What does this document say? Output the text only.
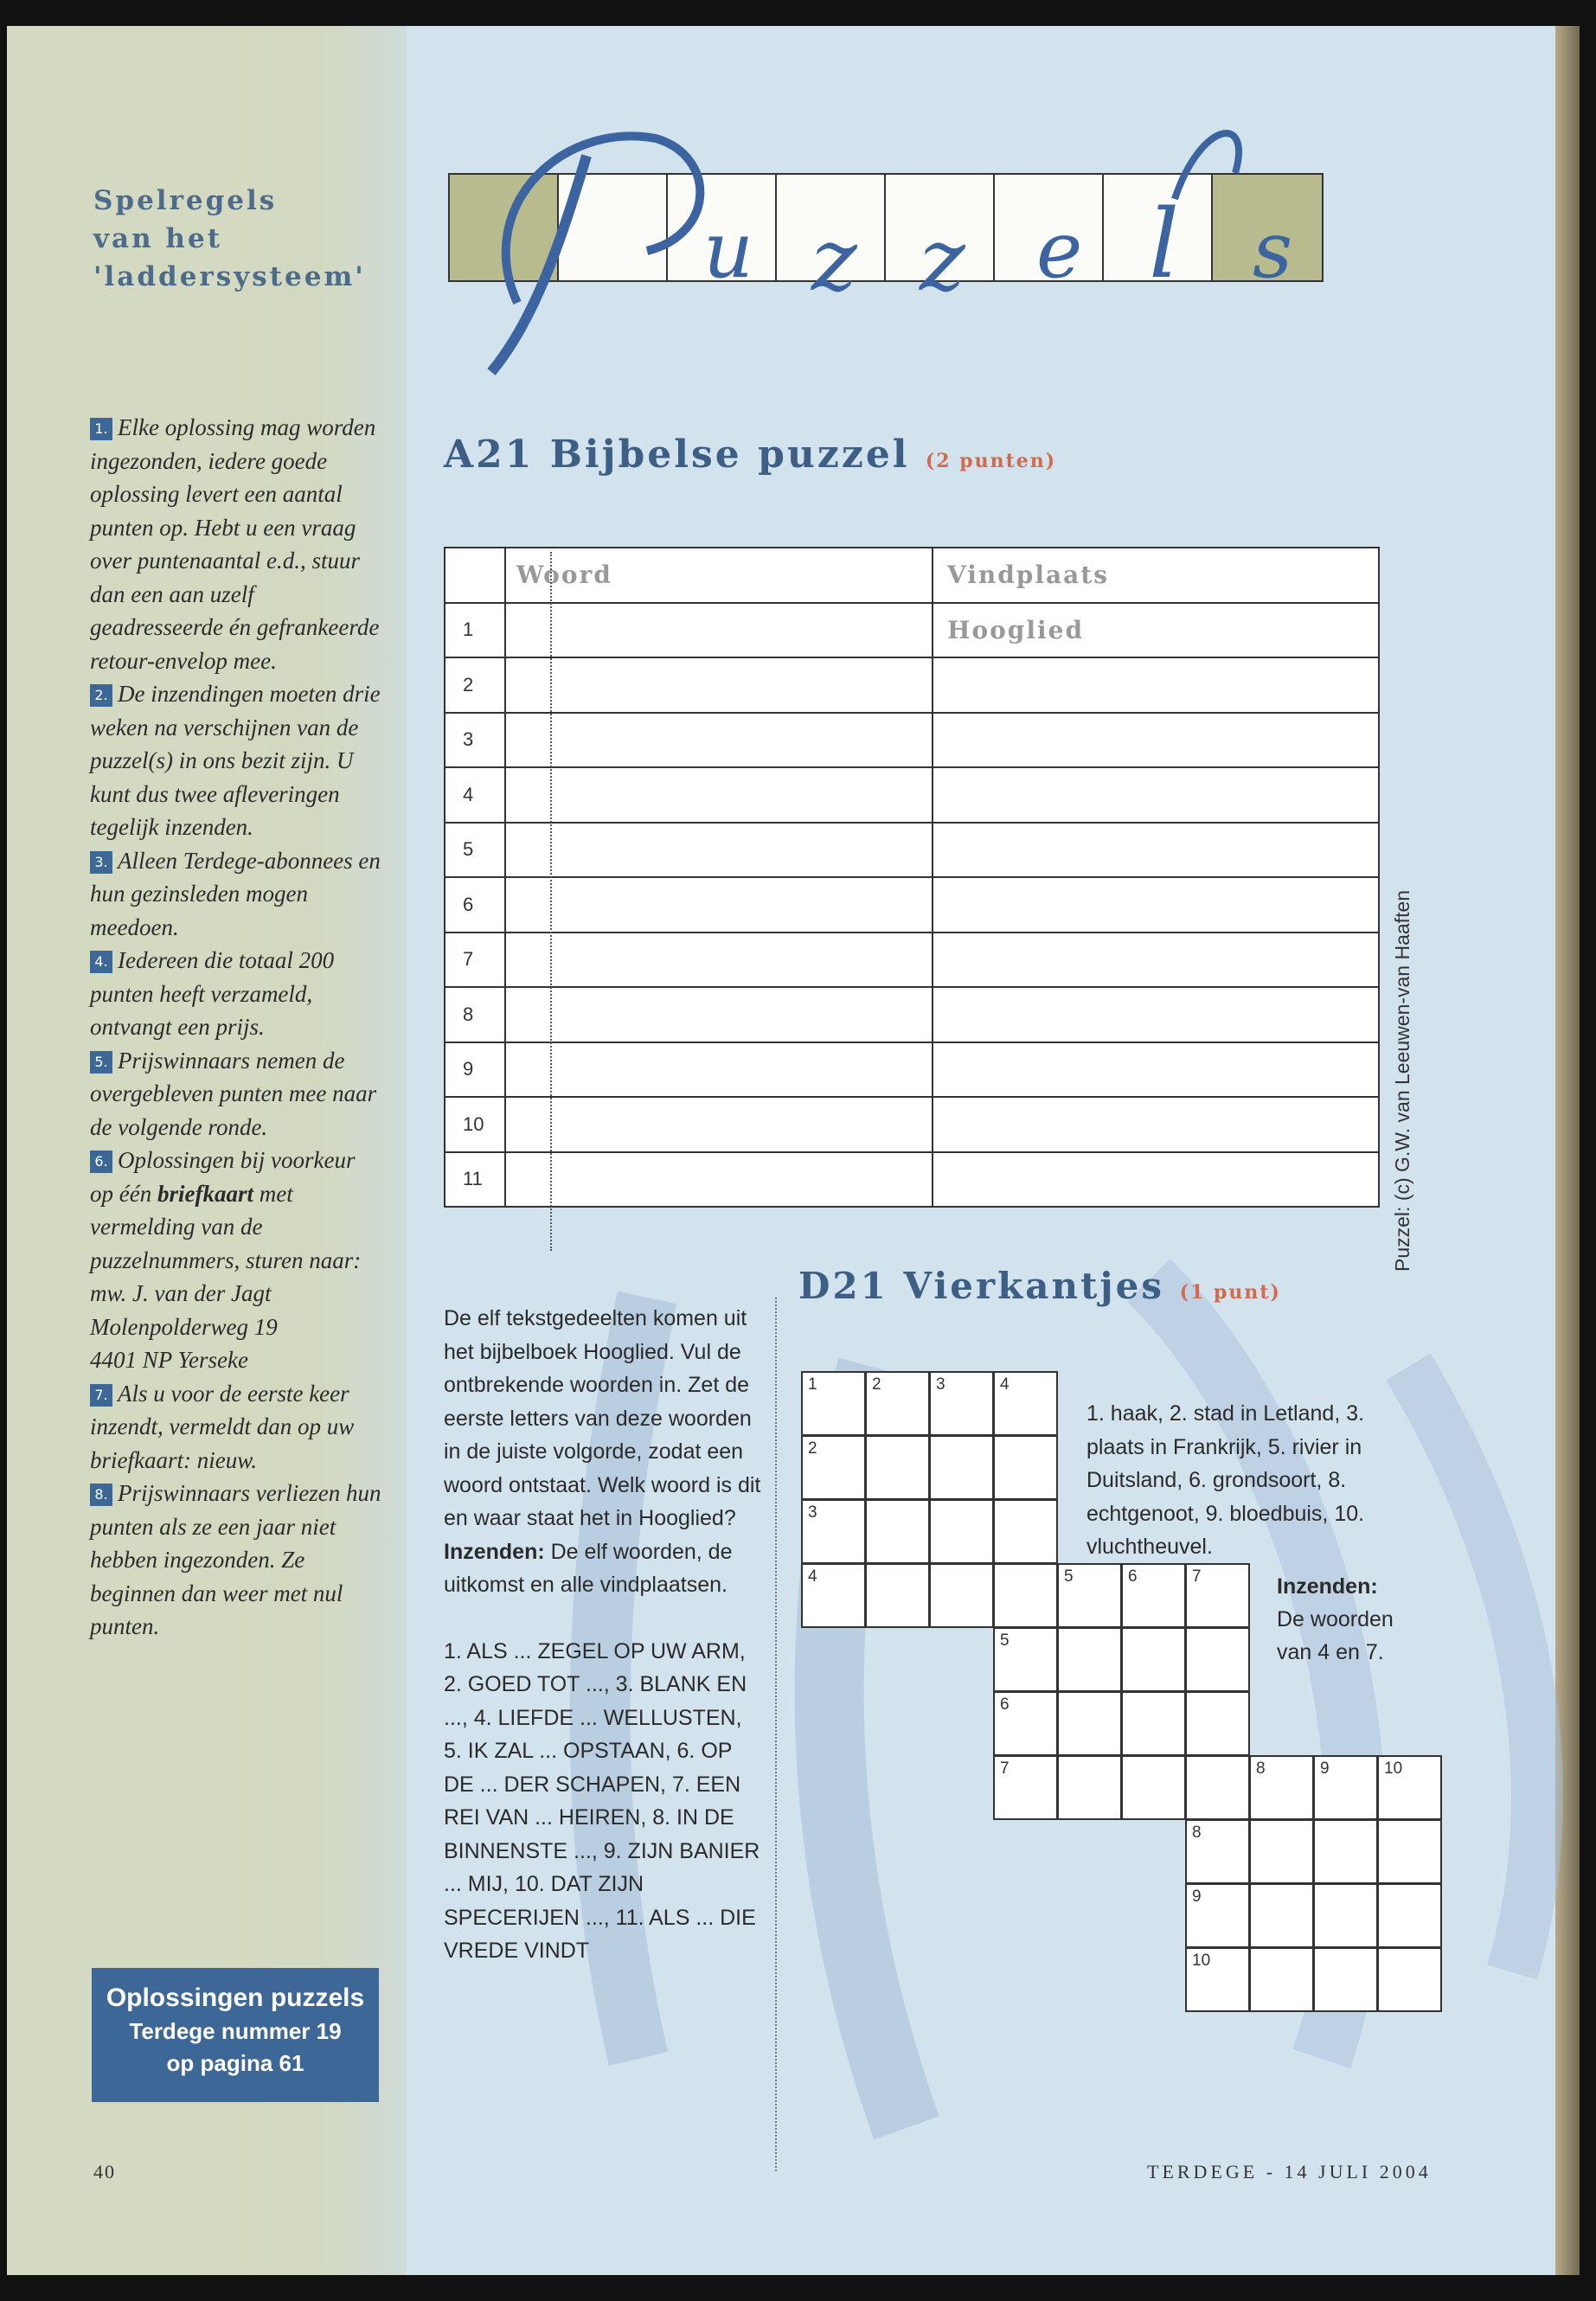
Spelregels
van het
'laddersysteem'

1. Elke oplossing mag worden ingezonden, iedere goede oplossing levert een aantal punten op. Hebt u een vraag over puntenaantal e.d., stuur dan een aan uzelf geadresseerde én gefrankeerde retour-envelop mee.

2. De inzendingen moeten drie weken na verschijnen van de puzzel(s) in ons bezit zijn. U kunt dus twee afleveringen tegelijk inzenden.

3. Alleen Terdege-abonnees en hun gezinsleden mogen meedoen.

4. Iedereen die totaal 200 punten heeft verzameld, ontvangt een prijs.

5. Prijswinnaars nemen de overgebleven punten mee naar de volgende ronde.

6. Oplossingen bij voorkeur op één briefkaart met vermelding van de puzzelnummers, sturen naar:
mw. J. van der Jagt
Molenpolderweg 19
4401 NP Yerseke

7. Als u voor de eerste keer inzendt, vermeldt dan op uw briefkaart: nieuw.

8. Prijswinnaars verliezen hun punten als ze een jaar niet hebben ingezonden. Ze beginnen dan weer met nul punten.

Oplossingen puzzels
Terdege nummer 19
op pagina 61
40	TERDEGE - 14 JULI 2004
u z z e l s
A21 Bijbelse puzzel (2 punten)
	Woord	Vindplaats
1		Hooglied
2		
3		
4		
5		
6		
7		
8		
9		
10		
11			Puzzel: (c) G.W. van Leeuwen-van Haaften

De elf tekstgedeelten komen uit het bijbelboek Hooglied. Vul de ontbrekende woorden in. Zet de eerste letters van deze woorden in de juiste volgorde, zodat een woord ontstaat. Welk woord is dit en waar staat het in Hooglied? Inzenden: De elf woorden, de uitkomst en alle vindplaatsen.

1. ALS ... ZEGEL OP UW ARM, 2. GOED TOT ..., 3. BLANK EN ..., 4. LIEFDE ... WELLUSTEN, 5. IK ZAL ... OPSTAAN, 6. OP DE ... DER SCHAPEN, 7. EEN REI VAN ... HEIREN, 8. IN DE BINNENSTE ..., 9. ZIJN BANIER ... MIJ, 10. DAT ZIJN SPECERIJEN ..., 11. ALS ... DIE VREDE VINDT

D21 Vierkantjes (1 punt)
1	2	3	4
2
3
4	5	6	7
5
6
7	8	9	10
8
9
10
1. haak, 2. stad in Letland, 3. plaats in Frankrijk, 5. rivier in Duitsland, 6. grondsoort, 8. echtgenoot, 9. bloedbuis, 10. vluchtheuvel.
Inzenden:
De woorden van 4 en 7.
